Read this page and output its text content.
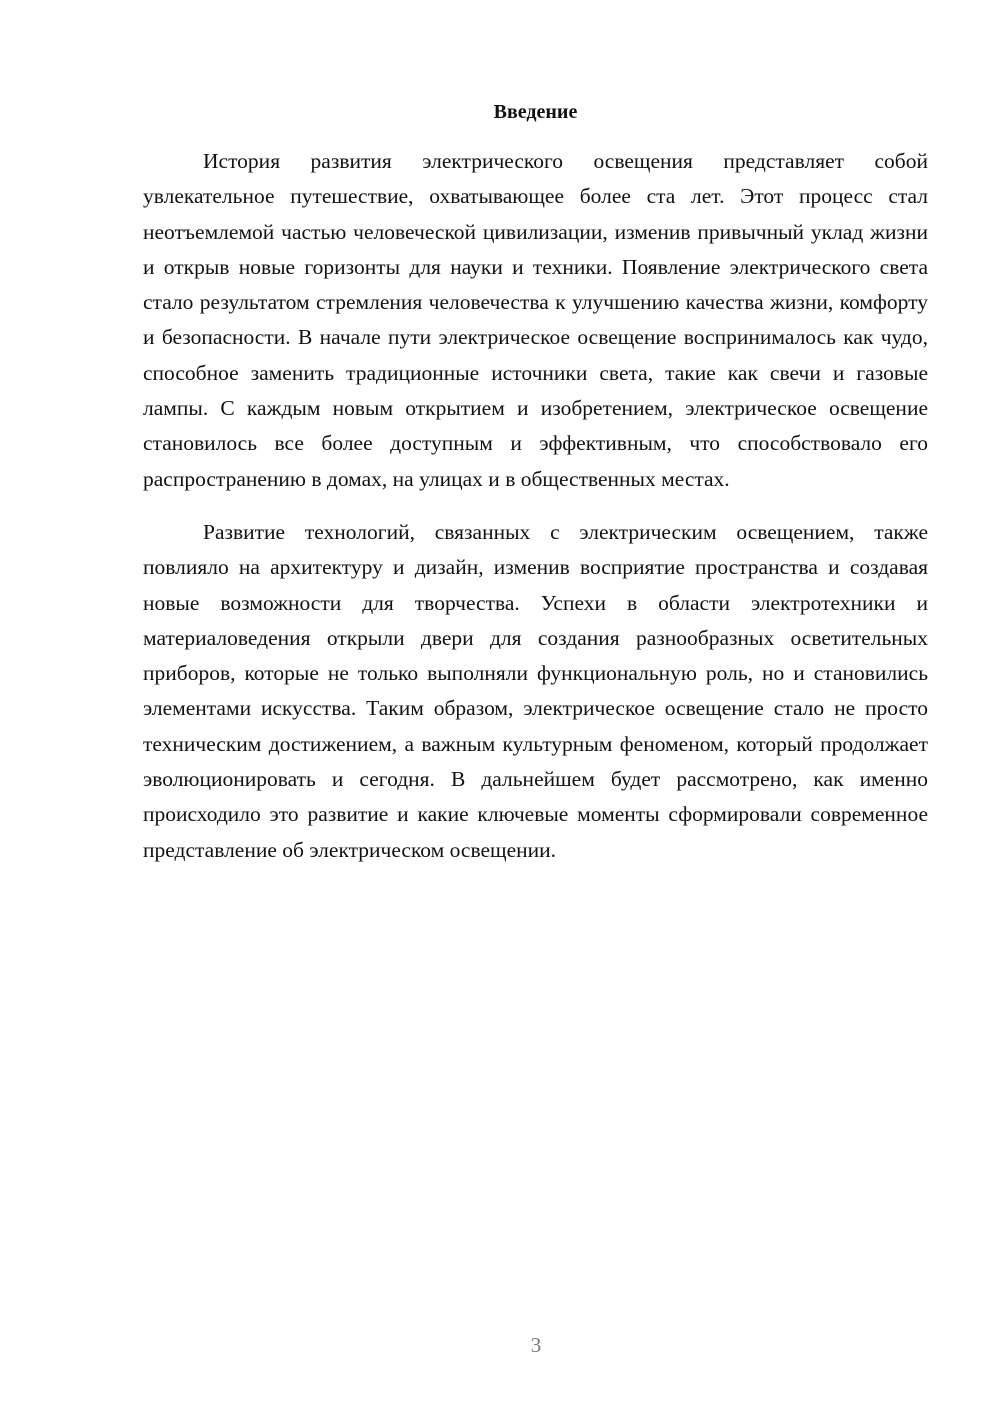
Введение

История развития электрического освещения представляет собой увлекательное путешествие, охватывающее более ста лет. Этот процесс стал неотъемлемой частью человеческой цивилизации, изменив привычный уклад жизни и открыв новые горизонты для науки и техники. Появление электрического света стало результатом стремления человечества к улучшению качества жизни, комфорту и безопасности. В начале пути электрическое освещение воспринималось как чудо, способное заменить традиционные источники света, такие как свечи и газовые лампы. С каждым новым открытием и изобретением, электрическое освещение становилось все более доступным и эффективным, что способствовало его распространению в домах, на улицах и в общественных местах.

Развитие технологий, связанных с электрическим освещением, также повлияло на архитектуру и дизайн, изменив восприятие пространства и создавая новые возможности для творчества. Успехи в области электротехники и материаловедения открыли двери для создания разнообразных осветительных приборов, которые не только выполняли функциональную роль, но и становились элементами искусства. Таким образом, электрическое освещение стало не просто техническим достижением, а важным культурным феноменом, который продолжает эволюционировать и сегодня. В дальнейшем будет рассмотрено, как именно происходило это развитие и какие ключевые моменты сформировали современное представление об электрическом освещении.

3
